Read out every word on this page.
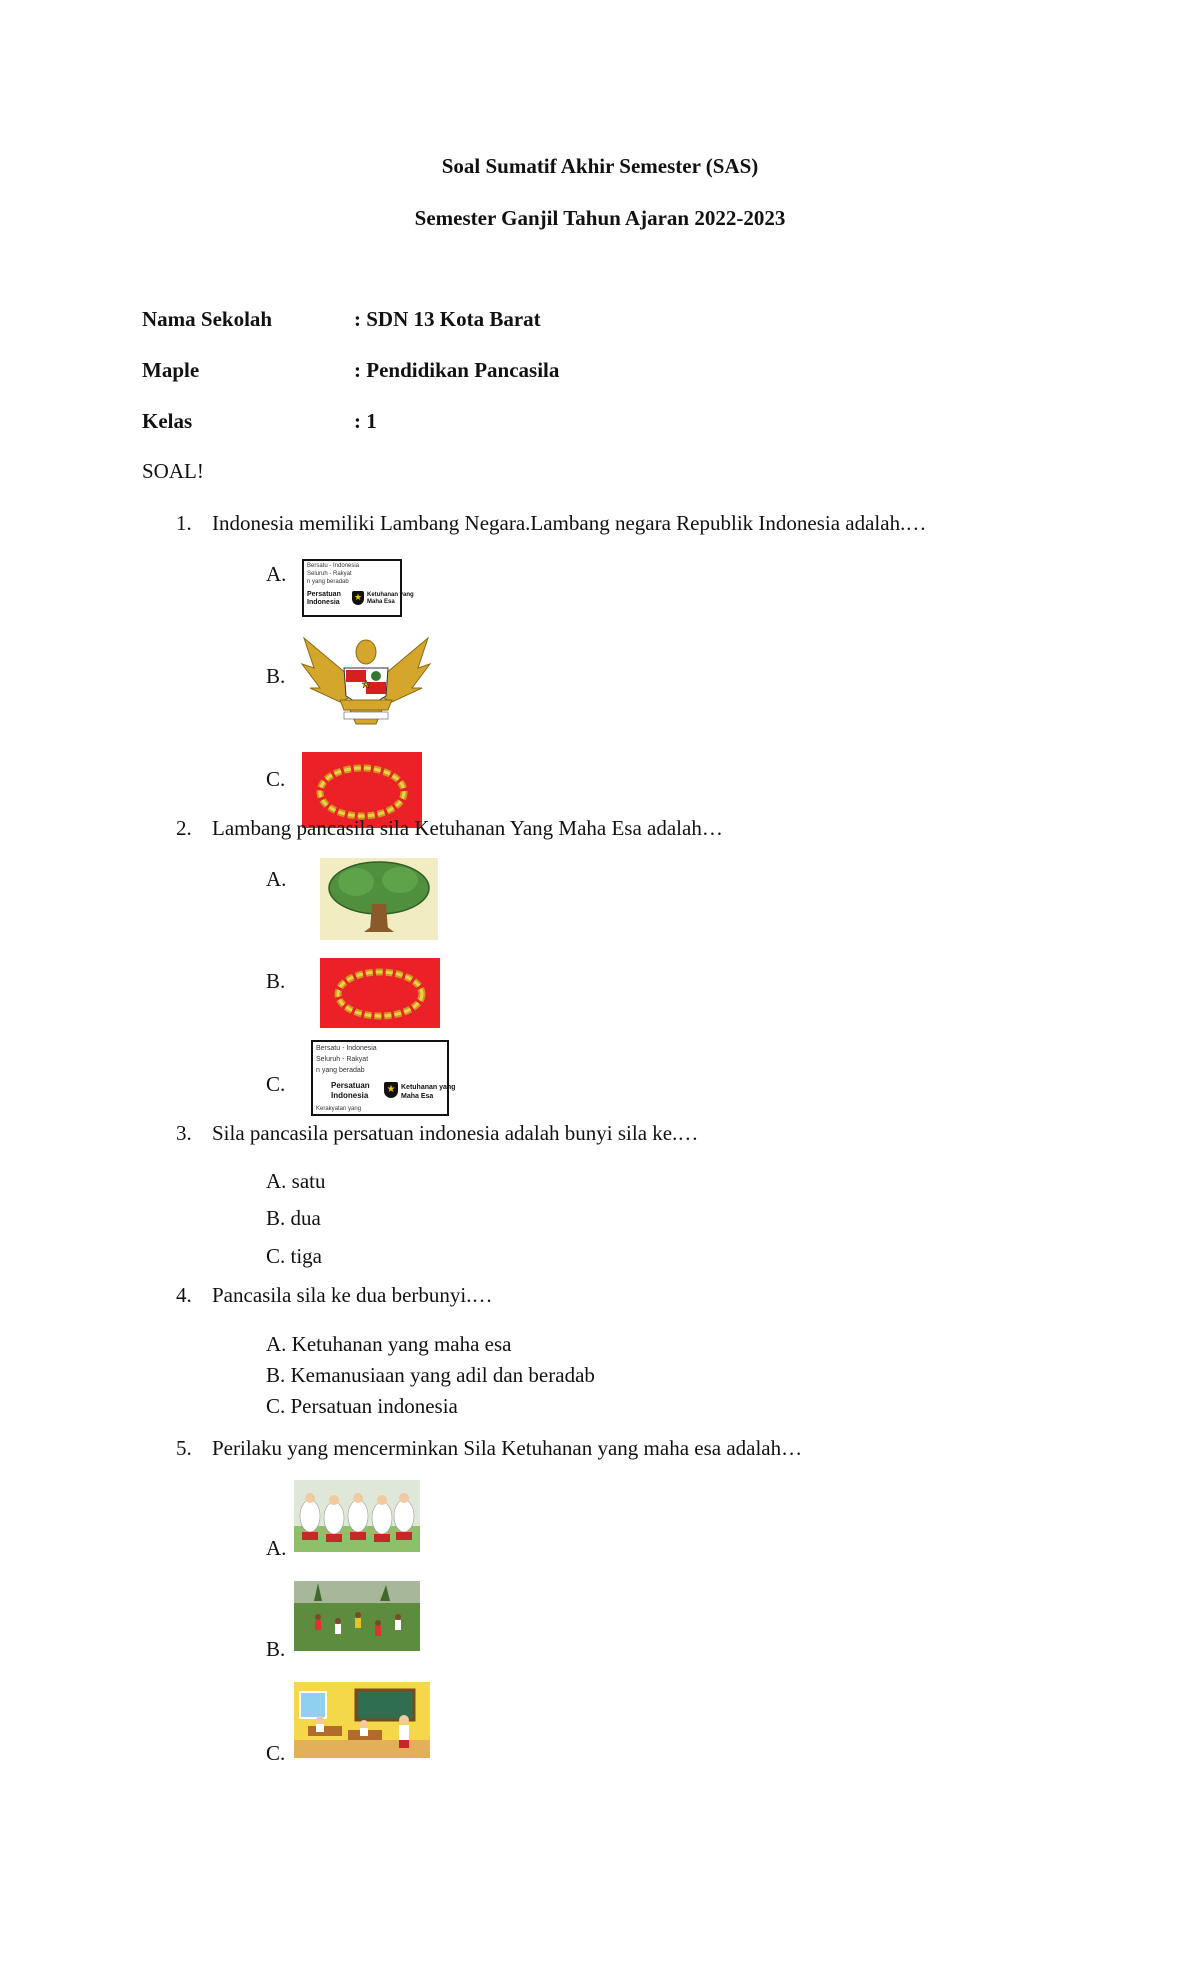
Soal Sumatif Akhir Semester (SAS)
Semester Ganjil Tahun Ajaran 2022-2023
Nama Sekolah	: SDN 13 Kota Barat
Maple	: Pendidikan Pancasila
Kelas	: 1
SOAL!
1. Indonesia memiliki Lambang Negara.Lambang negara Republik Indonesia adalah.…
A.	Bersatu - Indonesia
Seluruh - Rakyat
n yang beradab
Persatuan
Indonesia
★ Ketuhanan yang
Maha Esa
B.
C.
2. Lambang pancasila sila Ketuhanan Yang Maha Esa adalah…
A.
B.
C.
Bersatu - Indonesia
Seluruh - Rakyat
n yang beradab
Persatuan
Indonesia
★ Ketuhanan yang
Maha Esa
Kerakyatan yang
3. Sila pancasila persatuan indonesia adalah bunyi sila ke.…
A. satu
B. dua
C. tiga
4. Pancasila sila ke dua berbunyi.…
A. Ketuhanan yang maha esa
B. Kemanusiaan yang adil dan beradab
C. Persatuan indonesia
5. Perilaku yang mencerminkan Sila Ketuhanan yang maha esa adalah…
A.
B.
C.
